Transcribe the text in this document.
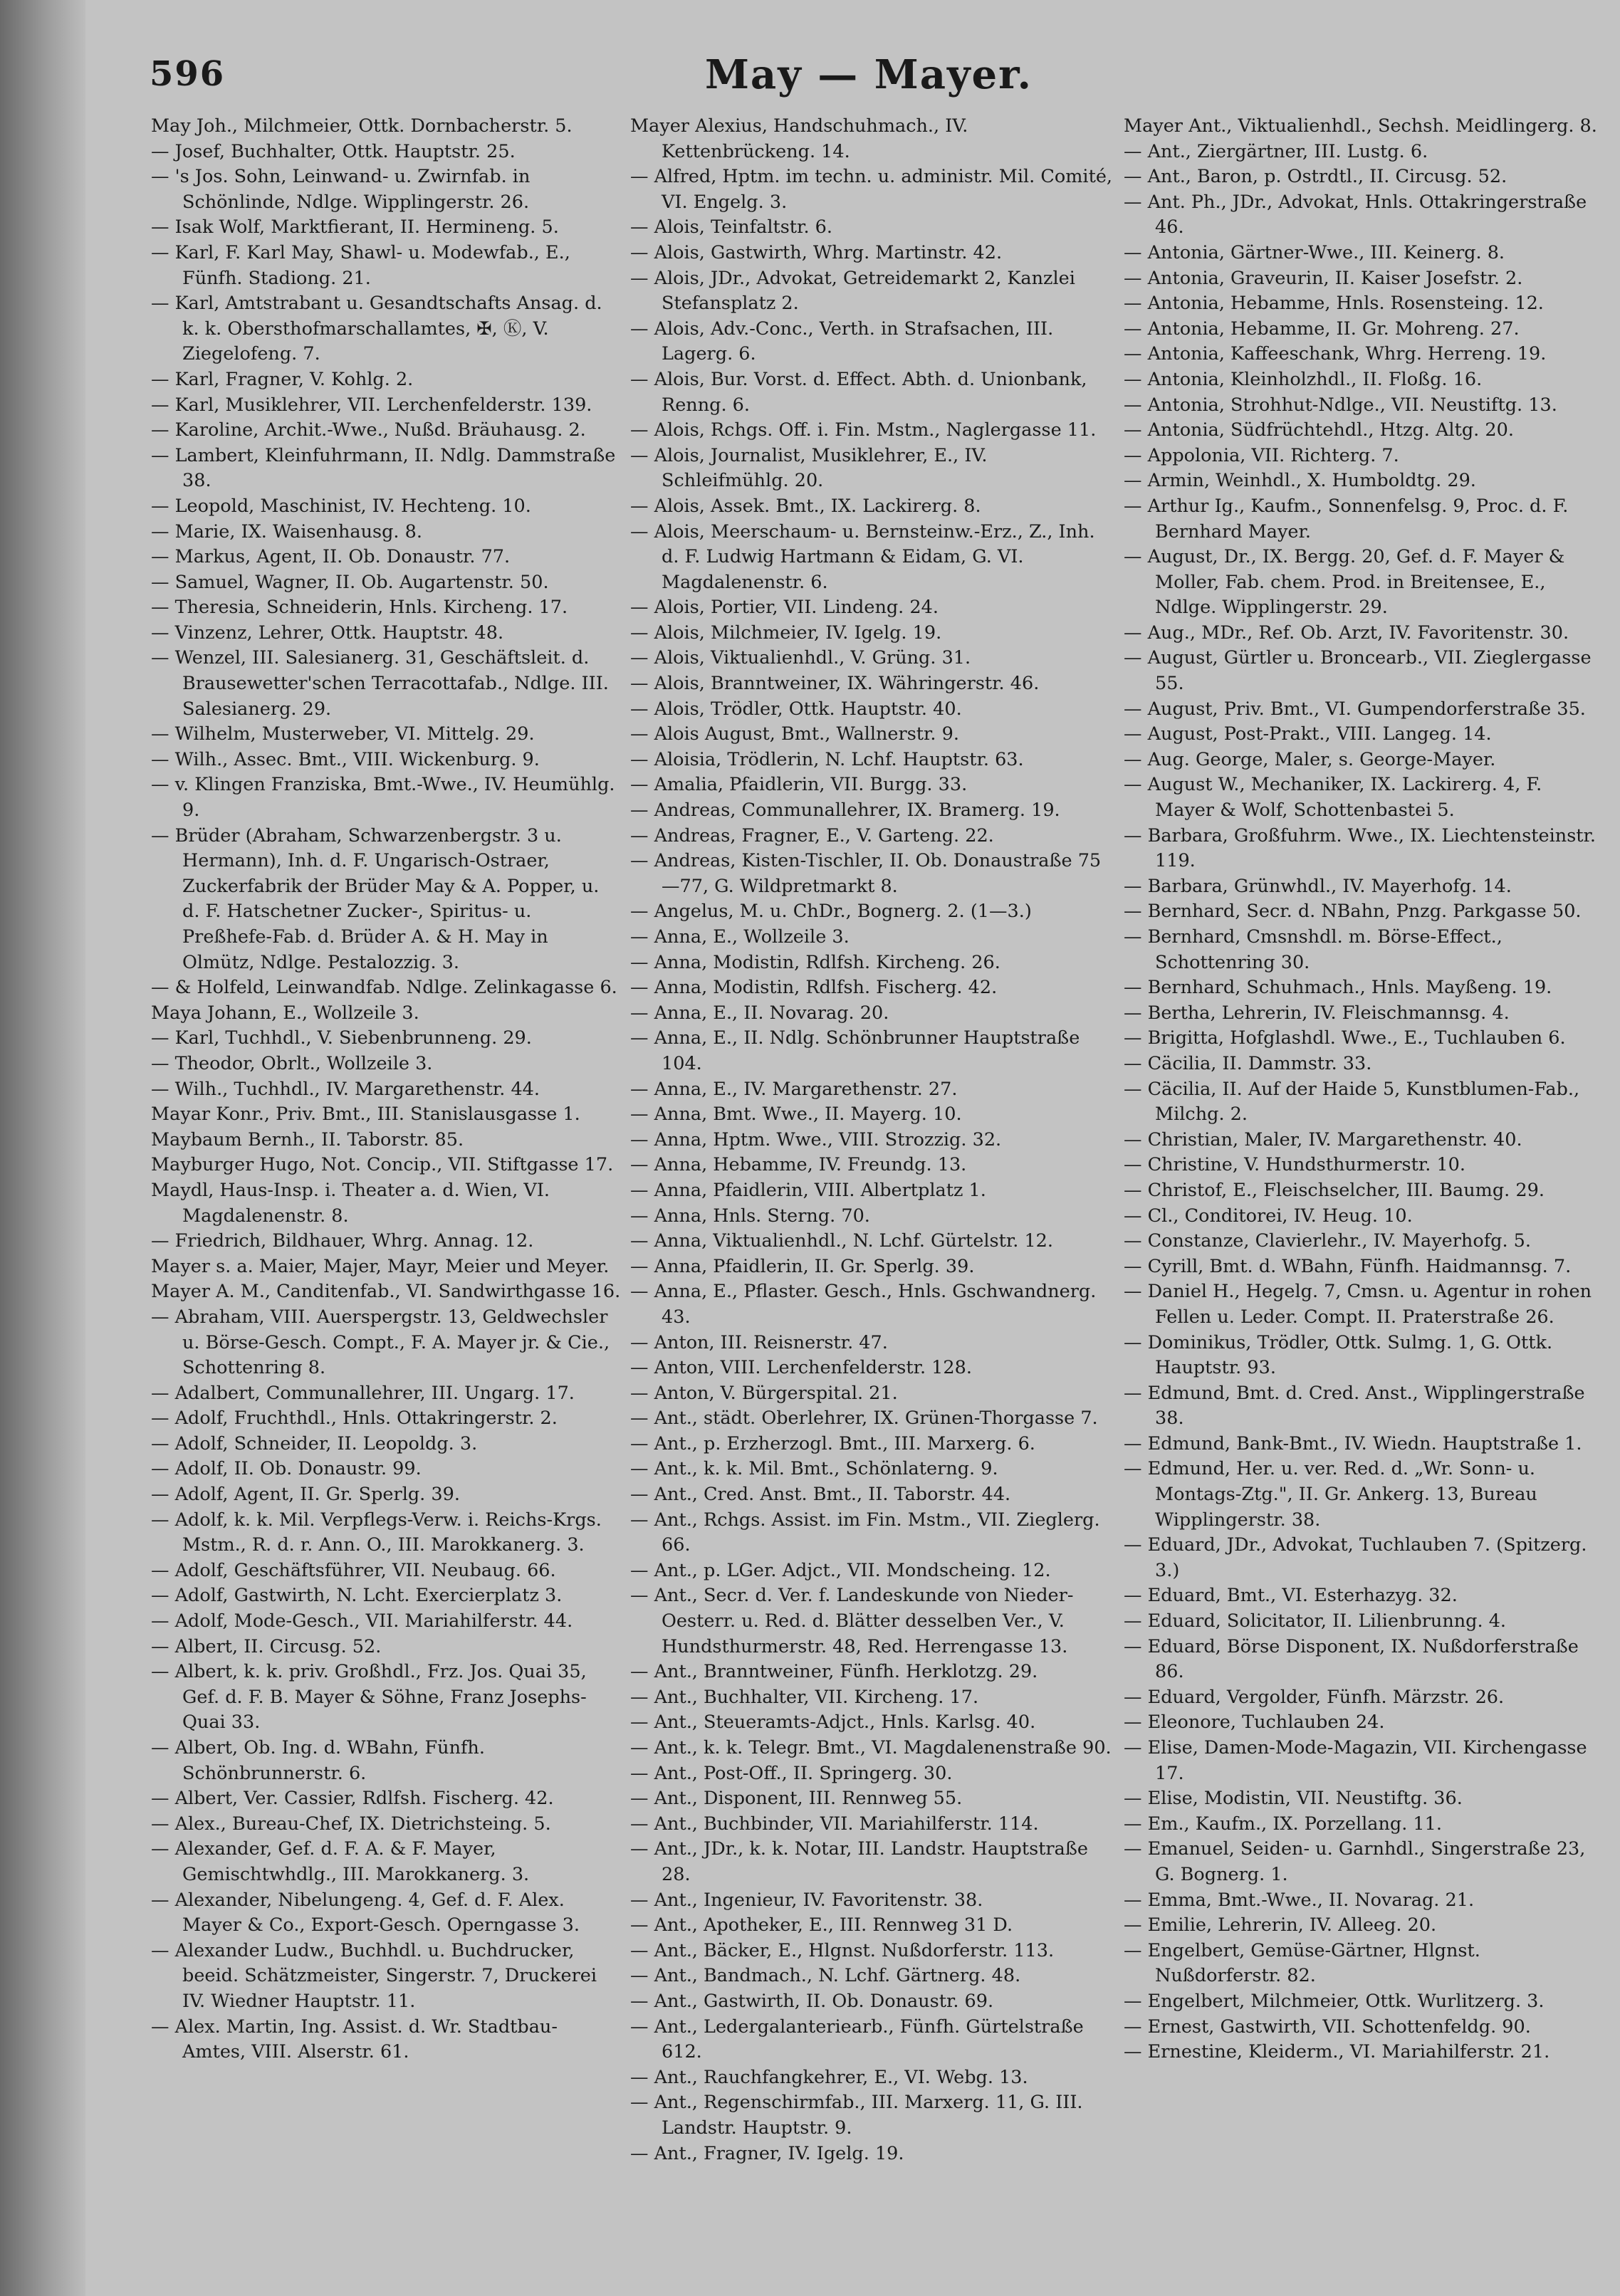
596	May — Mayer.

May Joh., Milchmeier, Ottk. Dornbacherstr. 5.

— Josef, Buchhalter, Ottk. Hauptstr. 25.

— 's Jos. Sohn, Leinwand- u. Zwirnfab. in Schönlinde, Ndlge. Wipplingerstr. 26.

— Isak Wolf, Marktfierant, II. Hermineng. 5.

— Karl, F. Karl May, Shawl- u. Modewfab., E., Fünfh. Stadiong. 21.

— Karl, Amtstrabant u. Gesandtschafts Ansag. d. k. k. Obersthofmarschallamtes, ✠, Ⓚ, V. Ziegelofeng. 7.

— Karl, Fragner, V. Kohlg. 2.

— Karl, Musiklehrer, VII. Lerchenfelderstr. 139.

— Karoline, Archit.-Wwe., Nußd. Bräuhausg. 2.

— Lambert, Kleinfuhrmann, II. Ndlg. Dammstraße 38.

— Leopold, Maschinist, IV. Hechteng. 10.

— Marie, IX. Waisenhausg. 8.

— Markus, Agent, II. Ob. Donaustr. 77.

— Samuel, Wagner, II. Ob. Augartenstr. 50.

— Theresia, Schneiderin, Hnls. Kircheng. 17.

— Vinzenz, Lehrer, Ottk. Hauptstr. 48.

— Wenzel, III. Salesianerg. 31, Geschäftsleit. d. Brausewetter'schen Terracottafab., Ndlge. III. Salesianerg. 29.

— Wilhelm, Musterweber, VI. Mittelg. 29.

— Wilh., Assec. Bmt., VIII. Wickenburg. 9.

— v. Klingen Franziska, Bmt.-Wwe., IV. Heumühlg. 9.

— Brüder (Abraham, Schwarzenbergstr. 3 u. Hermann), Inh. d. F. Ungarisch-Ostraer, Zuckerfabrik der Brüder May & A. Popper, u. d. F. Hatschetner Zucker-, Spiritus- u. Preßhefe-Fab. d. Brüder A. & H. May in Olmütz, Ndlge. Pestalozzig. 3.

— & Holfeld, Leinwandfab. Ndlge. Zelinkagasse 6.

Maya Johann, E., Wollzeile 3.

— Karl, Tuchhdl., V. Siebenbrunneng. 29.

— Theodor, Obrlt., Wollzeile 3.

— Wilh., Tuchhdl., IV. Margarethenstr. 44.

Mayar Konr., Priv. Bmt., III. Stanislausgasse 1.

Maybaum Bernh., II. Taborstr. 85.

Mayburger Hugo, Not. Concip., VII. Stiftgasse 17.

Maydl, Haus-Insp. i. Theater a. d. Wien, VI. Magdalenenstr. 8.

— Friedrich, Bildhauer, Whrg. Annag. 12.

Mayer s. a. Maier, Majer, Mayr, Meier und Meyer.

Mayer A. M., Canditenfab., VI. Sandwirthgasse 16.

— Abraham, VIII. Auerspergstr. 13, Geldwechsler u. Börse-Gesch. Compt., F. A. Mayer jr. & Cie., Schottenring 8.

— Adalbert, Communallehrer, III. Ungarg. 17.

— Adolf, Fruchthdl., Hnls. Ottakringerstr. 2.

— Adolf, Schneider, II. Leopoldg. 3.

— Adolf, II. Ob. Donaustr. 99.

— Adolf, Agent, II. Gr. Sperlg. 39.

— Adolf, k. k. Mil. Verpflegs-Verw. i. Reichs-Krgs. Mstm., R. d. r. Ann. O., III. Marokkanerg. 3.

— Adolf, Geschäftsführer, VII. Neubaug. 66.

— Adolf, Gastwirth, N. Lcht. Exercierplatz 3.

— Adolf, Mode-Gesch., VII. Mariahilferstr. 44.

— Albert, II. Circusg. 52.

— Albert, k. k. priv. Großhdl., Frz. Jos. Quai 35, Gef. d. F. B. Mayer & Söhne, Franz Josephs-Quai 33.

— Albert, Ob. Ing. d. WBahn, Fünfh. Schönbrunnerstr. 6.

— Albert, Ver. Cassier, Rdlfsh. Fischerg. 42.

— Alex., Bureau-Chef, IX. Dietrichsteing. 5.

— Alexander, Gef. d. F. A. & F. Mayer, Gemischtwhdlg., III. Marokkanerg. 3.

— Alexander, Nibelungeng. 4, Gef. d. F. Alex. Mayer & Co., Export-Gesch. Operngasse 3.

— Alexander Ludw., Buchhdl. u. Buchdrucker, beeid. Schätzmeister, Singerstr. 7, Druckerei IV. Wiedner Hauptstr. 11.

— Alex. Martin, Ing. Assist. d. Wr. Stadtbau-Amtes, VIII. Alserstr. 61.

Mayer Alexius, Handschuhmach., IV. Kettenbrückeng. 14.

— Alfred, Hptm. im techn. u. administr. Mil. Comité, VI. Engelg. 3.

— Alois, Teinfaltstr. 6.

— Alois, Gastwirth, Whrg. Martinstr. 42.

— Alois, JDr., Advokat, Getreidemarkt 2, Kanzlei Stefansplatz 2.

— Alois, Adv.-Conc., Verth. in Strafsachen, III. Lagerg. 6.

— Alois, Bur. Vorst. d. Effect. Abth. d. Unionbank, Renng. 6.

— Alois, Rchgs. Off. i. Fin. Mstm., Naglergasse 11.

— Alois, Journalist, Musiklehrer, E., IV. Schleifmühlg. 20.

— Alois, Assek. Bmt., IX. Lackirerg. 8.

— Alois, Meerschaum- u. Bernsteinw.-Erz., Z., Inh. d. F. Ludwig Hartmann & Eidam, G. VI. Magdalenenstr. 6.

— Alois, Portier, VII. Lindeng. 24.

— Alois, Milchmeier, IV. Igelg. 19.

— Alois, Viktualienhdl., V. Grüng. 31.

— Alois, Branntweiner, IX. Währingerstr. 46.

— Alois, Trödler, Ottk. Hauptstr. 40.

— Alois August, Bmt., Wallnerstr. 9.

— Aloisia, Trödlerin, N. Lchf. Hauptstr. 63.

— Amalia, Pfaidlerin, VII. Burgg. 33.

— Andreas, Communallehrer, IX. Bramerg. 19.

— Andreas, Fragner, E., V. Garteng. 22.

— Andreas, Kisten-Tischler, II. Ob. Donaustraße 75—77, G. Wildpretmarkt 8.

— Angelus, M. u. ChDr., Bognerg. 2. (1—3.)

— Anna, E., Wollzeile 3.

— Anna, Modistin, Rdlfsh. Kircheng. 26.

— Anna, Modistin, Rdlfsh. Fischerg. 42.

— Anna, E., II. Novarag. 20.

— Anna, E., II. Ndlg. Schönbrunner Hauptstraße 104.

— Anna, E., IV. Margarethenstr. 27.

— Anna, Bmt. Wwe., II. Mayerg. 10.

— Anna, Hptm. Wwe., VIII. Strozzig. 32.

— Anna, Hebamme, IV. Freundg. 13.

— Anna, Pfaidlerin, VIII. Albertplatz 1.

— Anna, Hnls. Sterng. 70.

— Anna, Viktualienhdl., N. Lchf. Gürtelstr. 12.

— Anna, Pfaidlerin, II. Gr. Sperlg. 39.

— Anna, E., Pflaster. Gesch., Hnls. Gschwandnerg. 43.

— Anton, III. Reisnerstr. 47.

— Anton, VIII. Lerchenfelderstr. 128.

— Anton, V. Bürgerspital. 21.

— Ant., städt. Oberlehrer, IX. Grünen-Thorgasse 7.

— Ant., p. Erzherzogl. Bmt., III. Marxerg. 6.

— Ant., k. k. Mil. Bmt., Schönlaterng. 9.

— Ant., Cred. Anst. Bmt., II. Taborstr. 44.

— Ant., Rchgs. Assist. im Fin. Mstm., VII. Zieglerg. 66.

— Ant., p. LGer. Adjct., VII. Mondscheing. 12.

— Ant., Secr. d. Ver. f. Landeskunde von Nieder-Oesterr. u. Red. d. Blätter desselben Ver., V. Hundsthurmerstr. 48, Red. Herrengasse 13.

— Ant., Branntweiner, Fünfh. Herklotzg. 29.

— Ant., Buchhalter, VII. Kircheng. 17.

— Ant., Steueramts-Adjct., Hnls. Karlsg. 40.

— Ant., k. k. Telegr. Bmt., VI. Magdalenenstraße 90.

— Ant., Post-Off., II. Springerg. 30.

— Ant., Disponent, III. Rennweg 55.

— Ant., Buchbinder, VII. Mariahilferstr. 114.

— Ant., JDr., k. k. Notar, III. Landstr. Hauptstraße 28.

— Ant., Ingenieur, IV. Favoritenstr. 38.

— Ant., Apotheker, E., III. Rennweg 31 D.

— Ant., Bäcker, E., Hlgnst. Nußdorferstr. 113.

— Ant., Bandmach., N. Lchf. Gärtnerg. 48.

— Ant., Gastwirth, II. Ob. Donaustr. 69.

— Ant., Ledergalanteriearb., Fünfh. Gürtelstraße 612.

— Ant., Rauchfangkehrer, E., VI. Webg. 13.

— Ant., Regenschirmfab., III. Marxerg. 11, G. III. Landstr. Hauptstr. 9.

— Ant., Fragner, IV. Igelg. 19.

Mayer Ant., Viktualienhdl., Sechsh. Meidlingerg. 8.

— Ant., Ziergärtner, III. Lustg. 6.

— Ant., Baron, p. Ostrdtl., II. Circusg. 52.

— Ant. Ph., JDr., Advokat, Hnls. Ottakringerstraße 46.

— Antonia, Gärtner-Wwe., III. Keinerg. 8.

— Antonia, Graveurin, II. Kaiser Josefstr. 2.

— Antonia, Hebamme, Hnls. Rosensteing. 12.

— Antonia, Hebamme, II. Gr. Mohreng. 27.

— Antonia, Kaffeeschank, Whrg. Herreng. 19.

— Antonia, Kleinholzhdl., II. Floßg. 16.

— Antonia, Strohhut-Ndlge., VII. Neustiftg. 13.

— Antonia, Südfrüchtehdl., Htzg. Altg. 20.

— Appolonia, VII. Richterg. 7.

— Armin, Weinhdl., X. Humboldtg. 29.

— Arthur Ig., Kaufm., Sonnenfelsg. 9, Proc. d. F. Bernhard Mayer.

— August, Dr., IX. Bergg. 20, Gef. d. F. Mayer & Moller, Fab. chem. Prod. in Breitensee, E., Ndlge. Wipplingerstr. 29.

— Aug., MDr., Ref. Ob. Arzt, IV. Favoritenstr. 30.

— August, Gürtler u. Broncearb., VII. Zieglergasse 55.

— August, Priv. Bmt., VI. Gumpendorferstraße 35.

— August, Post-Prakt., VIII. Langeg. 14.

— Aug. George, Maler, s. George-Mayer.

— August W., Mechaniker, IX. Lackirerg. 4, F. Mayer & Wolf, Schottenbastei 5.

— Barbara, Großfuhrm. Wwe., IX. Liechtensteinstr. 119.

— Barbara, Grünwhdl., IV. Mayerhofg. 14.

— Bernhard, Secr. d. NBahn, Pnzg. Parkgasse 50.

— Bernhard, Cmsnshdl. m. Börse-Effect., Schottenring 30.

— Bernhard, Schuhmach., Hnls. Mayßeng. 19.

— Bertha, Lehrerin, IV. Fleischmannsg. 4.

— Brigitta, Hofglashdl. Wwe., E., Tuchlauben 6.

— Cäcilia, II. Dammstr. 33.

— Cäcilia, II. Auf der Haide 5, Kunstblumen-Fab., Milchg. 2.

— Christian, Maler, IV. Margarethenstr. 40.

— Christine, V. Hundsthurmerstr. 10.

— Christof, E., Fleischselcher, III. Baumg. 29.

— Cl., Conditorei, IV. Heug. 10.

— Constanze, Clavierlehr., IV. Mayerhofg. 5.

— Cyrill, Bmt. d. WBahn, Fünfh. Haidmannsg. 7.

— Daniel H., Hegelg. 7, Cmsn. u. Agentur in rohen Fellen u. Leder. Compt. II. Praterstraße 26.

— Dominikus, Trödler, Ottk. Sulmg. 1, G. Ottk. Hauptstr. 93.

— Edmund, Bmt. d. Cred. Anst., Wipplingerstraße 38.

— Edmund, Bank-Bmt., IV. Wiedn. Hauptstraße 1.

— Edmund, Her. u. ver. Red. d. „Wr. Sonn- u. Montags-Ztg.", II. Gr. Ankerg. 13, Bureau Wipplingerstr. 38.

— Eduard, JDr., Advokat, Tuchlauben 7. (Spitzerg. 3.)

— Eduard, Bmt., VI. Esterhazyg. 32.

— Eduard, Solicitator, II. Lilienbrunng. 4.

— Eduard, Börse Disponent, IX. Nußdorferstraße 86.

— Eduard, Vergolder, Fünfh. Märzstr. 26.

— Eleonore, Tuchlauben 24.

— Elise, Damen-Mode-Magazin, VII. Kirchengasse 17.

— Elise, Modistin, VII. Neustiftg. 36.

— Em., Kaufm., IX. Porzellang. 11.

— Emanuel, Seiden- u. Garnhdl., Singerstraße 23, G. Bognerg. 1.

— Emma, Bmt.-Wwe., II. Novarag. 21.

— Emilie, Lehrerin, IV. Alleeg. 20.

— Engelbert, Gemüse-Gärtner, Hlgnst. Nußdorferstr. 82.

— Engelbert, Milchmeier, Ottk. Wurlitzerg. 3.

— Ernest, Gastwirth, VII. Schottenfeldg. 90.

— Ernestine, Kleiderm., VI. Mariahilferstr. 21.
